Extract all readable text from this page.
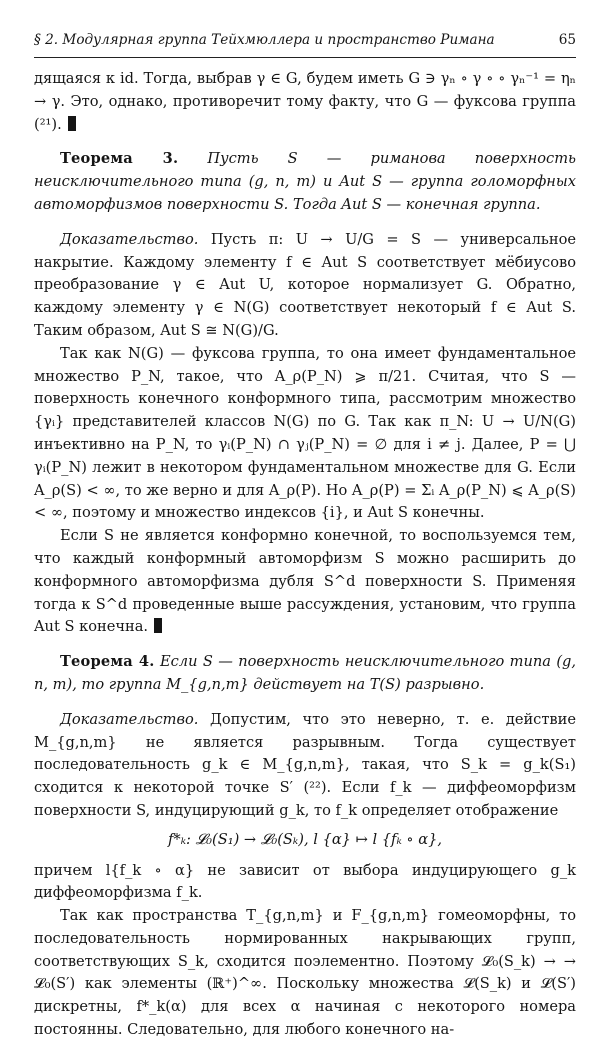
§ 2. Модулярная группа Тейхмюллера и пространство Римана	65

дящаяся к id. Тогда, выбрав γ ∈ G, будем иметь G ∋ γₙ ∘ γ ∘ ∘ γₙ⁻¹ = ηₙ → γ. Это, однако, противоречит тому факту, что G — фуксова группа (²¹).

Теорема 3. Пусть S — риманова поверхность неисключительного типа (g, n, m) и Aut S — группа голоморфных автоморфизмов поверхности S. Тогда Aut S — конечная группа.

Доказательство. Пусть π: U → U/G = S — универсальное накрытие. Каждому элементу f ∈ Aut S соответствует мёбиусово преобразование γ ∈ Aut U, которое нормализует G. Обратно, каждому элементу γ ∈ N(G) соответствует некоторый f ∈ Aut S. Таким образом, Aut S ≅ N(G)/G.

Так как N(G) — фуксова группа, то она имеет фундаментальное множество P_N, такое, что A_ρ(P_N) ⩾ π/21. Считая, что S — поверхность конечного конформного типа, рассмотрим множество {γᵢ} представителей классов N(G) по G. Так как π_N: U → U/N(G) инъективно на P_N, то γᵢ(P_N) ∩ γⱼ(P_N) = ∅ для i ≠ j. Далее, P = ⋃ γᵢ(P_N) лежит в некотором фундаментальном множестве для G. Если A_ρ(S) < ∞, то же верно и для A_ρ(P). Но A_ρ(P) = Σᵢ A_ρ(P_N) ⩽ A_ρ(S) < ∞, поэтому и множество индексов {i}, и Aut S конечны.

Если S не является конформно конечной, то воспользуемся тем, что каждый конформный автоморфизм S можно расширить до конформного автоморфизма дубля S^d поверхности S. Применяя тогда к S^d проведенные выше рассуждения, установим, что группа Aut S конечна.

Теорема 4. Если S — поверхность неисключительного типа (g, n, m), то группа M_{g,n,m} действует на T(S) разрывно.

Доказательство. Допустим, что это неверно, т. е. действие M_{g,n,m} не является разрывным. Тогда существует последовательность g_k ∈ M_{g,n,m}, такая, что S_k = g_k(S₁) сходится к некоторой точке S′ (²²). Если f_k — диффеоморфизм поверхности S, индуцирующий g_k, то f_k определяет отображение

f*ₖ: 𝓛₀(S₁) → 𝓛₀(Sₖ), l {α} ↦ l {fₖ ∘ α},

причем l{f_k ∘ α} не зависит от выбора индуцирующего g_k диффеоморфизма f_k.

Так как пространства T_{g,n,m} и F_{g,n,m} гомеоморфны, то последовательность нормированных накрывающих групп, соответствующих S_k, сходится поэлементно. Поэтому 𝓛₀(S_k) → → 𝓛₀(S′) как элементы (ℝ⁺)^∞. Поскольку множества 𝓛(S_k) и 𝓛(S′) дискретны, f*_k(α) для всех α начиная с некоторого номера постоянны. Следовательно, для любого конечного на-
